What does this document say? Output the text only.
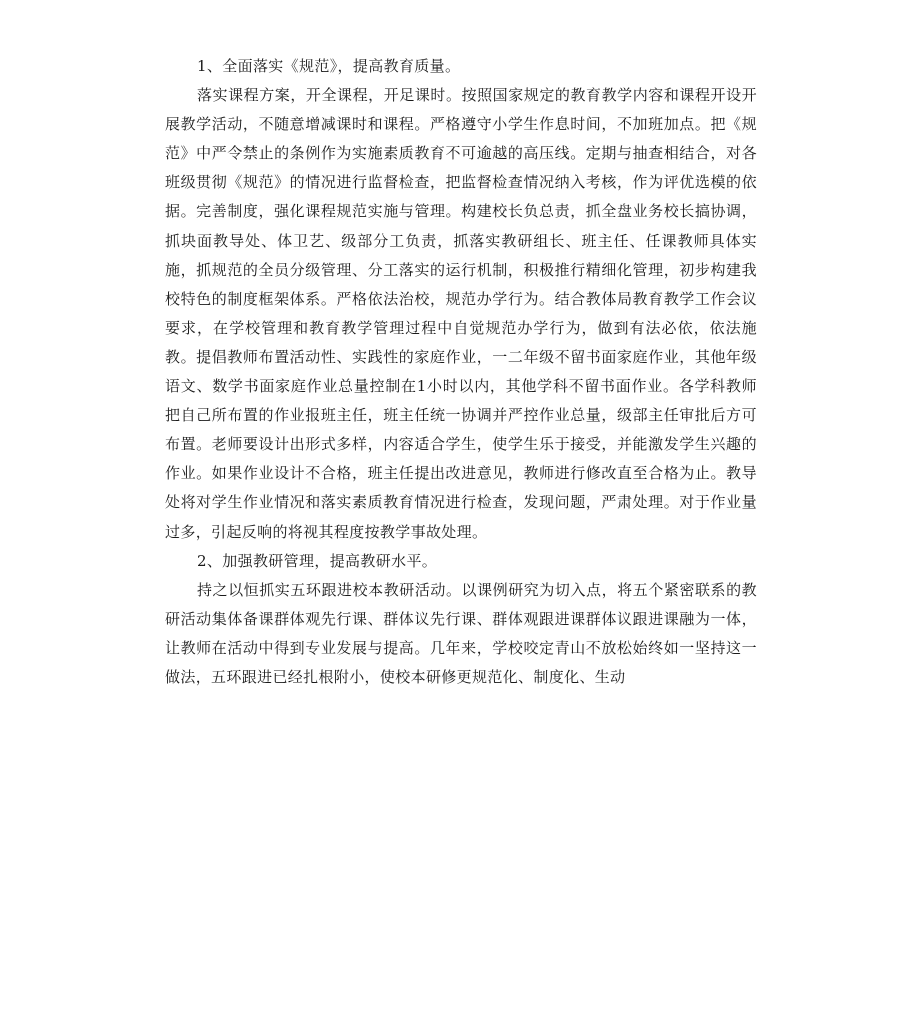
1、全面落实《规范》，提高教育质量。

落实课程方案，开全课程，开足课时。按照国家规定的教育教学内容和课程开设开展教学活动，不随意增减课时和课程。严格遵守小学生作息时间，不加班加点。把《规范》中严令禁止的条例作为实施素质教育不可逾越的高压线。定期与抽查相结合，对各班级贯彻《规范》的情况进行监督检查，把监督检查情况纳入考核，作为评优选模的依据。完善制度，强化课程规范实施与管理。构建校长负总责，抓全盘业务校长搞协调，抓块面教导处、体卫艺、级部分工负责，抓落实教研组长、班主任、任课教师具体实施，抓规范的全员分级管理、分工落实的运行机制，积极推行精细化管理，初步构建我校特色的制度框架体系。严格依法治校，规范办学行为。结合教体局教育教学工作会议要求，在学校管理和教育教学管理过程中自觉规范办学行为，做到有法必依，依法施教。提倡教师布置活动性、实践性的家庭作业，一二年级不留书面家庭作业，其他年级语文、数学书面家庭作业总量控制在1小时以内，其他学科不留书面作业。各学科教师把自己所布置的作业报班主任，班主任统一协调并严控作业总量，级部主任审批后方可布置。老师要设计出形式多样，内容适合学生，使学生乐于接受，并能激发学生兴趣的作业。如果作业设计不合格，班主任提出改进意见，教师进行修改直至合格为止。教导处将对学生作业情况和落实素质教育情况进行检查，发现问题，严肃处理。对于作业量过多，引起反响的将视其程度按教学事故处理。

2、加强教研管理，提高教研水平。

持之以恒抓实五环跟进校本教研活动。以课例研究为切入点，将五个紧密联系的教研活动集体备课群体观先行课、群体议先行课、群体观跟进课群体议跟进课融为一体，让教师在活动中得到专业发展与提高。几年来，学校咬定青山不放松始终如一坚持这一做法，五环跟进已经扎根附小，使校本研修更规范化、制度化、生动
